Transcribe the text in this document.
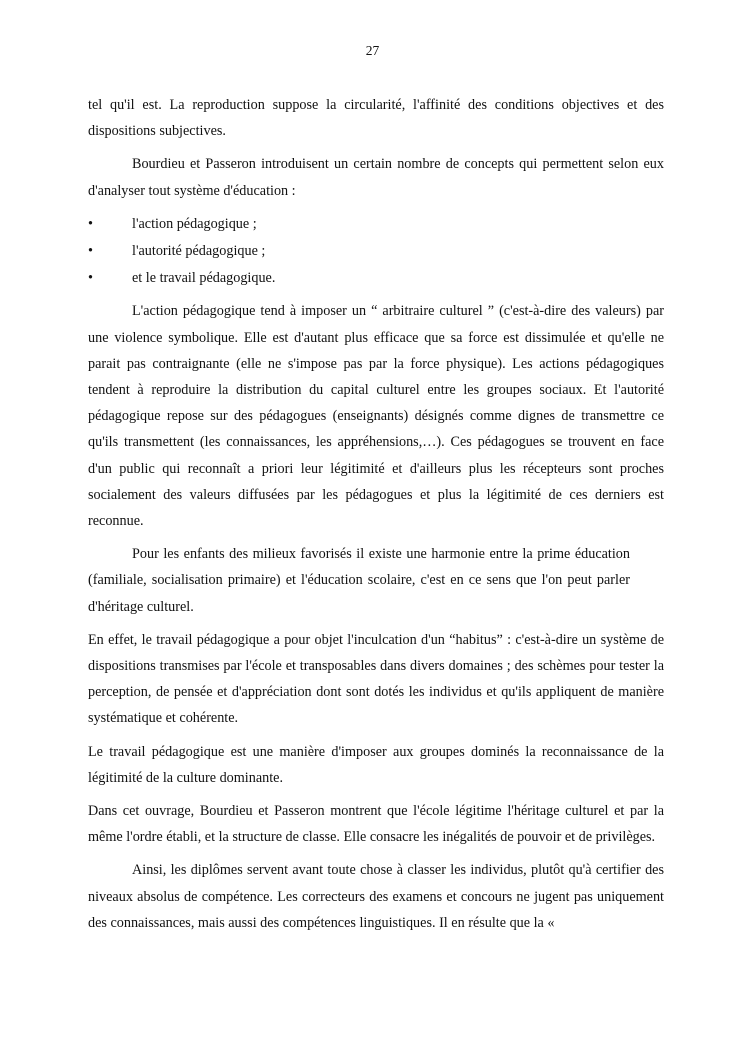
27

tel qu'il est. La reproduction suppose la circularité, l'affinité des conditions objectives et des dispositions subjectives.

Bourdieu et Passeron introduisent un certain nombre de concepts qui permettent selon eux d'analyser tout système d'éducation :

•	l'action pédagogique ;
•	l'autorité pédagogique ;
•	et le travail pédagogique.

L'action pédagogique tend à imposer un “ arbitraire culturel ” (c'est-à-dire des valeurs) par une violence symbolique. Elle est d'autant plus efficace que sa force est dissimulée et qu'elle ne parait pas contraignante (elle ne s'impose pas par la force physique). Les actions pédagogiques tendent à reproduire la distribution du capital culturel entre les groupes sociaux. Et l'autorité pédagogique repose sur des pédagogues (enseignants) désignés comme dignes de transmettre ce qu'ils transmettent (les connaissances, les appréhensions,…). Ces pédagogues se trouvent en face d'un public qui reconnaît a priori leur légitimité et d'ailleurs plus les récepteurs sont proches socialement des valeurs diffusées par les pédagogues et plus la légitimité de ces derniers est reconnue.

Pour les enfants des milieux favorisés il existe une harmonie entre la prime éducation (familiale, socialisation primaire) et l'éducation scolaire, c'est en ce sens que l'on peut parler d'héritage culturel.

En effet, le travail pédagogique a pour objet l'inculcation d'un “habitus” : c'est-à-dire un système de dispositions transmises par l'école et transposables dans divers domaines ; des schèmes pour tester la perception, de pensée et d'appréciation dont sont dotés les individus et qu'ils appliquent de manière systématique et cohérente.

Le travail pédagogique est une manière d'imposer aux groupes dominés la reconnaissance de la légitimité de la culture dominante.

Dans cet ouvrage, Bourdieu et Passeron montrent que l'école légitime l'héritage culturel et par la même l'ordre établi, et la structure de classe. Elle consacre les inégalités de pouvoir et de privilèges.

Ainsi, les diplômes servent avant toute chose à classer les individus, plutôt qu'à certifier des niveaux absolus de compétence. Les correcteurs des examens et concours ne jugent pas uniquement des connaissances, mais aussi des compétences linguistiques. Il en résulte que la «
